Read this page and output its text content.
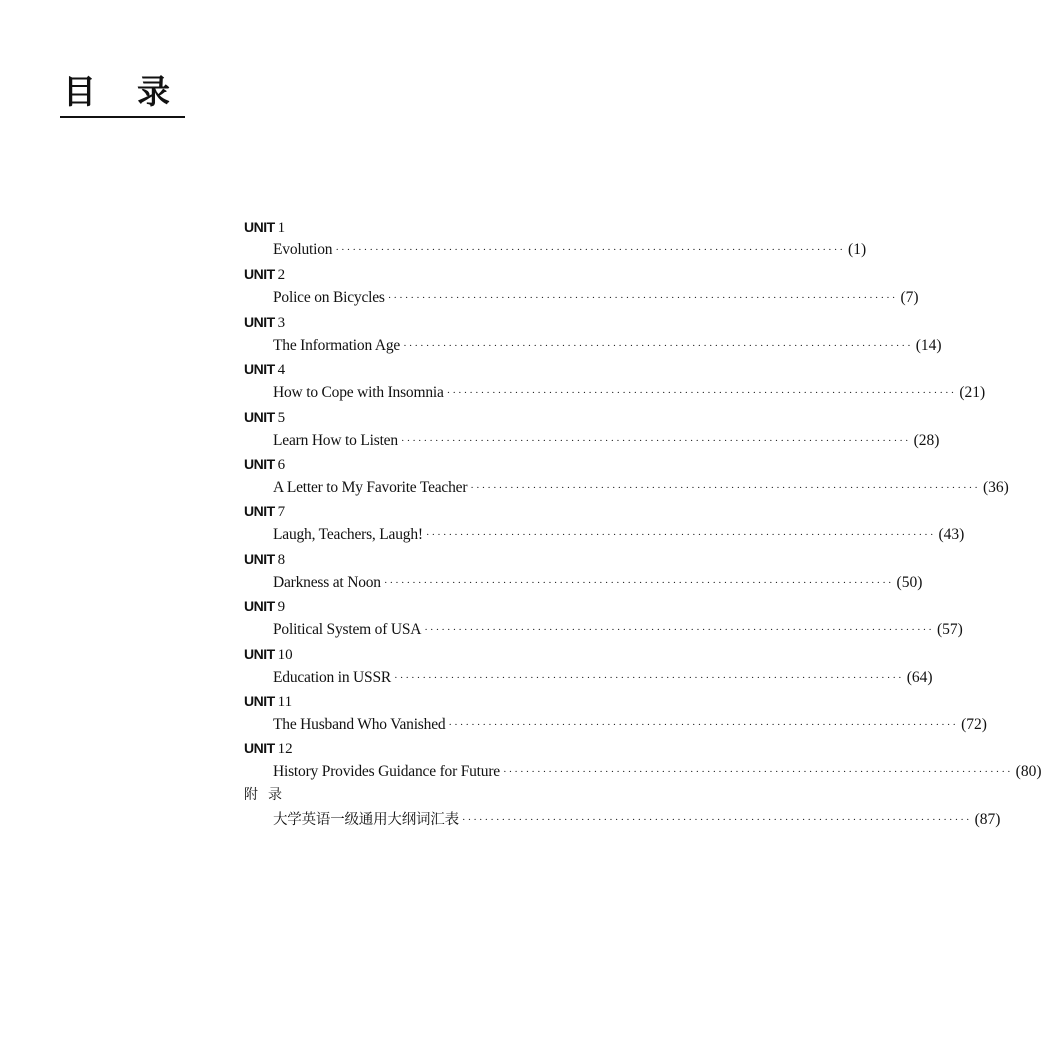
目 录
UNIT 1
Evolution ·························································································· (1)
UNIT 2
Police on Bicycles ·························································································· (7)
UNIT 3
The Information Age ·························································································· (14)
UNIT 4
How to Cope with Insomnia ·························································································· (21)
UNIT 5
Learn How to Listen ·························································································· (28)
UNIT 6
A Letter to My Favorite Teacher ·························································································· (36)
UNIT 7
Laugh, Teachers, Laugh! ·························································································· (43)
UNIT 8
Darkness at Noon ·························································································· (50)
UNIT 9
Political System of USA ·························································································· (57)
UNIT 10
Education in USSR ·························································································· (64)
UNIT 11
The Husband Who Vanished ·························································································· (72)
UNIT 12
History Provides Guidance for Future ·························································································· (80)
附录
大学英语一级通用大纲词汇表 ·························································································· (87)
